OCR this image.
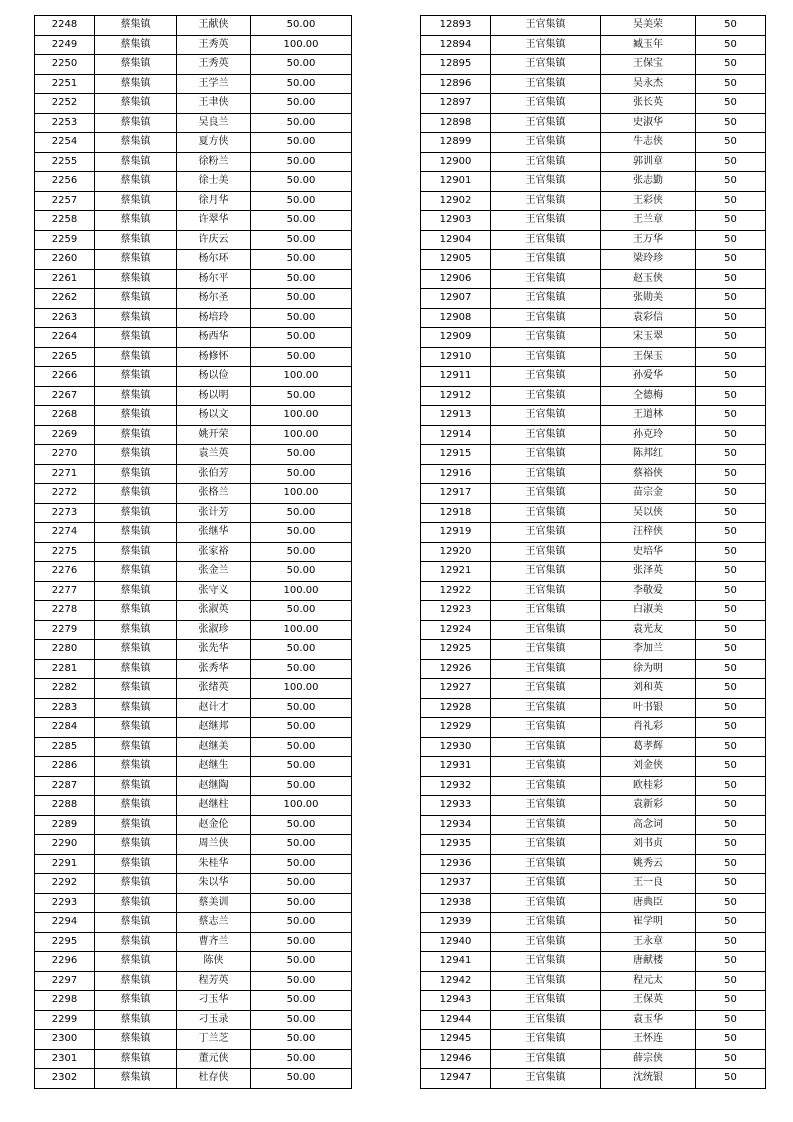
2248	蔡集镇	王献侠	50.00
2249	蔡集镇	王秀英	100.00
2250	蔡集镇	王秀英	50.00
2251	蔡集镇	王学兰	50.00
2252	蔡集镇	王聿侠	50.00
2253	蔡集镇	吴良兰	50.00
2254	蔡集镇	夏方侠	50.00
2255	蔡集镇	徐粉兰	50.00
2256	蔡集镇	徐士美	50.00
2257	蔡集镇	徐月华	50.00
2258	蔡集镇	许翠华	50.00
2259	蔡集镇	许庆云	50.00
2260	蔡集镇	杨尔环	50.00
2261	蔡集镇	杨尔平	50.00
2262	蔡集镇	杨尔圣	50.00
2263	蔡集镇	杨培玲	50.00
2264	蔡集镇	杨西华	50.00
2265	蔡集镇	杨修怀	50.00
2266	蔡集镇	杨以俭	100.00
2267	蔡集镇	杨以明	50.00
2268	蔡集镇	杨以文	100.00
2269	蔡集镇	姚开荣	100.00
2270	蔡集镇	袁兰英	50.00
2271	蔡集镇	张伯芳	50.00
2272	蔡集镇	张格兰	100.00
2273	蔡集镇	张计芳	50.00
2274	蔡集镇	张继华	50.00
2275	蔡集镇	张家裕	50.00
2276	蔡集镇	张金兰	50.00
2277	蔡集镇	张守义	100.00
2278	蔡集镇	张淑英	50.00
2279	蔡集镇	张淑珍	100.00
2280	蔡集镇	张先华	50.00
2281	蔡集镇	张秀华	50.00
2282	蔡集镇	张绪英	100.00
2283	蔡集镇	赵计才	50.00
2284	蔡集镇	赵继邦	50.00
2285	蔡集镇	赵继美	50.00
2286	蔡集镇	赵继生	50.00
2287	蔡集镇	赵继陶	50.00
2288	蔡集镇	赵继柱	100.00
2289	蔡集镇	赵金伦	50.00
2290	蔡集镇	周兰侠	50.00
2291	蔡集镇	朱桂华	50.00
2292	蔡集镇	朱以华	50.00
2293	蔡集镇	蔡美训	50.00
2294	蔡集镇	蔡志兰	50.00
2295	蔡集镇	曹齐兰	50.00
2296	蔡集镇	陈侠	50.00
2297	蔡集镇	程芳英	50.00
2298	蔡集镇	刁玉华	50.00
2299	蔡集镇	刁玉录	50.00
2300	蔡集镇	丁兰芝	50.00
2301	蔡集镇	董元侠	50.00
2302	蔡集镇	杜存侠	50.00
12893	王官集镇	吴美荣	50
12894	王官集镇	臧玉年	50
12895	王官集镇	王保宝	50
12896	王官集镇	吴永杰	50
12897	王官集镇	张长英	50
12898	王官集镇	史淑华	50
12899	王官集镇	牛志侠	50
12900	王官集镇	郭训章	50
12901	王官集镇	张志勤	50
12902	王官集镇	王彩侠	50
12903	王官集镇	王兰章	50
12904	王官集镇	王万华	50
12905	王官集镇	梁玲珍	50
12906	王官集镇	赵玉侠	50
12907	王官集镇	张勋美	50
12908	王官集镇	袁彩信	50
12909	王官集镇	宋玉翠	50
12910	王官集镇	王保玉	50
12911	王官集镇	孙爱华	50
12912	王官集镇	仝德梅	50
12913	王官集镇	王道林	50
12914	王官集镇	孙克玲	50
12915	王官集镇	陈邦红	50
12916	王官集镇	蔡裕侠	50
12917	王官集镇	苗宗金	50
12918	王官集镇	吴以侠	50
12919	王官集镇	汪梓侠	50
12920	王官集镇	史培华	50
12921	王官集镇	张泽英	50
12922	王官集镇	李敬爱	50
12923	王官集镇	白淑美	50
12924	王官集镇	袁光友	50
12925	王官集镇	李加兰	50
12926	王官集镇	徐为明	50
12927	王官集镇	刘和英	50
12928	王官集镇	叶书银	50
12929	王官集镇	肖礼彩	50
12930	王官集镇	葛孝辉	50
12931	王官集镇	刘金侠	50
12932	王官集镇	欧桂彩	50
12933	王官集镇	袁新彩	50
12934	王官集镇	高念词	50
12935	王官集镇	刘书贞	50
12936	王官集镇	姚秀云	50
12937	王官集镇	王一良	50
12938	王官集镇	唐典臣	50
12939	王官集镇	崔学明	50
12940	王官集镇	王永章	50
12941	王官集镇	唐献楼	50
12942	王官集镇	程元太	50
12943	王官集镇	王保英	50
12944	王官集镇	袁玉华	50
12945	王官集镇	王怀连	50
12946	王官集镇	薛宗侠	50
12947	王官集镇	沈统银	50
